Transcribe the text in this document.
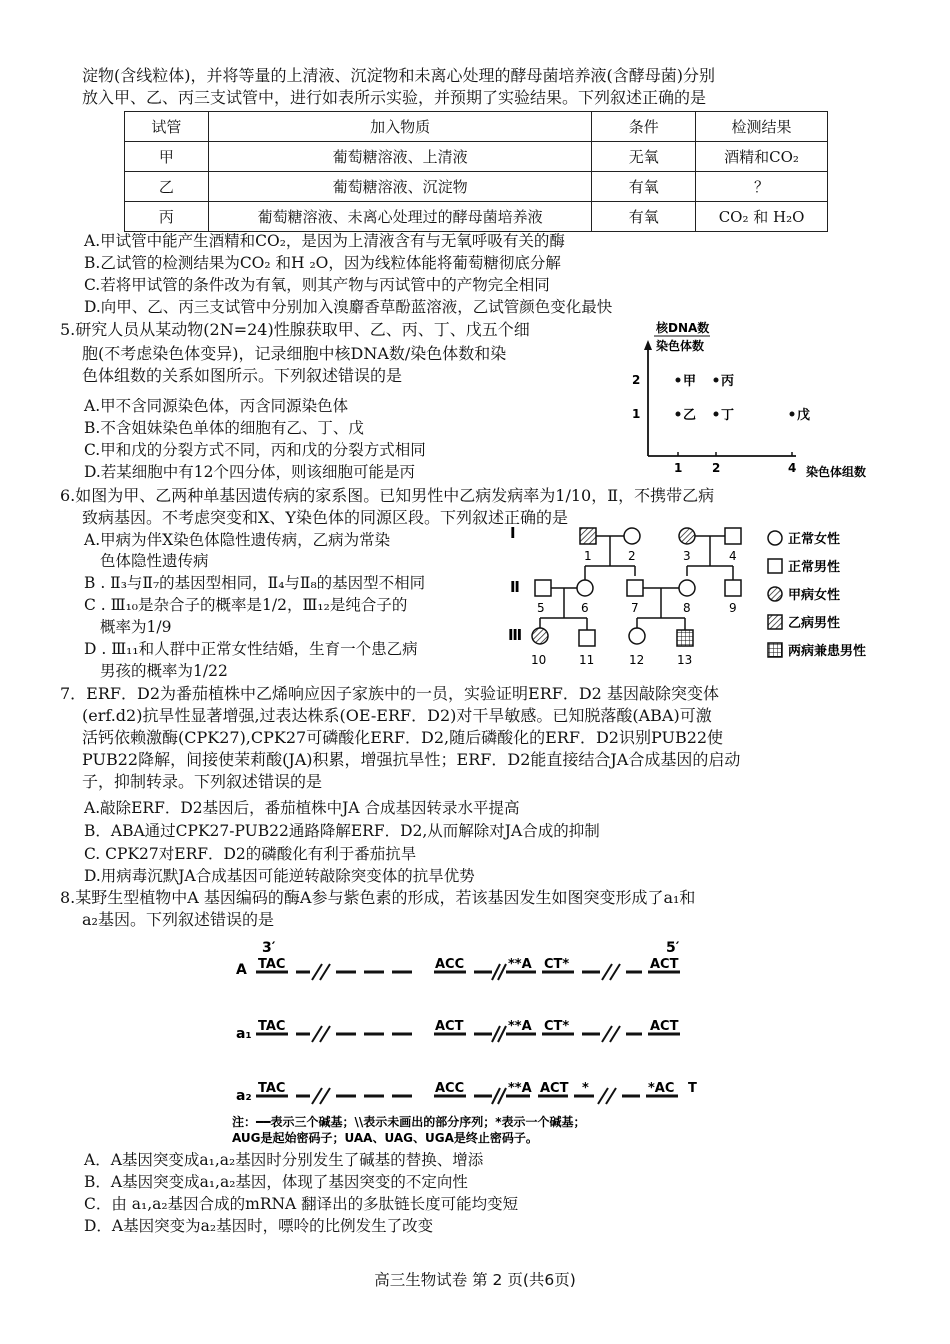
淀物(含线粒体)，并将等量的上清液、沉淀物和未离心处理的酵母菌培养液(含酵母菌)分别
放入甲、乙、丙三支试管中，进行如表所示实验，并预期了实验结果。下列叙述正确的是
试管	加入物质	条件	检测结果
甲	葡萄糖溶液、上清液	无氧	酒精和CO₂
乙	葡萄糖溶液、沉淀物	有氧	？
丙	葡萄糖溶液、未离心处理过的酵母菌培养液	有氧	CO₂ 和 H₂O
A.甲试管中能产生酒精和CO₂，是因为上清液含有与无氧呼吸有关的酶
B.乙试管的检测结果为CO₂ 和H ₂O，因为线粒体能将葡萄糖彻底分解
C.若将甲试管的条件改为有氧，则其产物与丙试管中的产物完全相同
D.向甲、乙、丙三支试管中分别加入溴麝香草酚蓝溶液，乙试管颜色变化最快
5.研究人员从某动物(2N=24)性腺获取甲、乙、丙、丁、戊五个细
胞(不考虑染色体变异)，记录细胞中核DNA数/染色体数和染
色体组数的关系如图所示。下列叙述错误的是
A.甲不含同源染色体，丙含同源染色体
B.不含姐妹染色单体的细胞有乙、丁、戊
C.甲和戊的分裂方式不同，丙和戊的分裂方式相同
D.若某细胞中有12个四分体，则该细胞可能是丙
核DNA数
染色体数
染色体组数
1 2	4
1
2	甲 丙
乙 丁	戊
6.如图为甲、乙两种单基因遗传病的家系图。已知男性中乙病发病率为1/10，Ⅱ，不携带乙病
致病基因。不考虑突变和X、Y染色体的同源区段。下列叙述正确的是
A.甲病为伴X染色体隐性遗传病，乙病为常染
色体隐性遗传病
B . Ⅱ₃与Ⅱ₇的基因型相同，Ⅱ₄与Ⅱ₈的基因型不相同
C . Ⅲ₁₀是杂合子的概率是1/2，Ⅲ₁₂是纯合子的
概率为1/9
D . Ⅲ₁₁和人群中正常女性结婚，生育一个患乙病
男孩的概率为1/22
Ⅰ
Ⅱ
Ⅲ
1	2	3	4
5	6	7	8	9
10	11	12	13
正常女性
正常男性
甲病女性
乙病男性
两病兼患男性
7．ERF．D2为番茄植株中乙烯响应因子家族中的一员，实验证明ERF．D2 基因敲除突变体
(erf.d2)抗旱性显著增强,过表达株系(OE-ERF．D2)对干旱敏感。已知脱落酸(ABA)可激
活钙依赖激酶(CPK27),CPK27可磷酸化ERF．D2,随后磷酸化的ERF．D2识别PUB22使
PUB22降解，间接使茉莉酸(JA)积累，增强抗旱性；ERF．D2能直接结合JA合成基因的启动
子，抑制转录。下列叙述错误的是
A.敲除ERF．D2基因后，番茄植株中JA 合成基因转录水平提高
B．ABA通过CPK27-PUB22通路降解ERF．D2,从而解除对JA合成的抑制
C. CPK27对ERF．D2的磷酸化有利于番茄抗旱
D.用病毒沉默JA合成基因可能逆转敲除突变体的抗旱优势
8.某野生型植物中A 基因编码的酶A参与紫色素的形成，若该基因发生如图突变形成了a₁和
a₂基因。下列叙述错误的是
3′	5′
A TAC	ACC	**A CT*	ACT
a₁ TAC	ACT	**A CT*	ACT
a₂ TAC	ACC	**A ACT *	*AC T
注：━━表示三个碱基；\\表示未画出的部分序列；*表示一个碱基；
AUG是起始密码子；UAA、UAG、UGA是终止密码子。
A．A基因突变成a₁,a₂基因时分别发生了碱基的替换、增添
B．A基因突变成a₁,a₂基因，体现了基因突变的不定向性
C．由 a₁,a₂基因合成的mRNA 翻译出的多肽链长度可能均变短
D．A基因突变为a₂基因时，嘌呤的比例发生了改变
高三生物试卷 第 2 页(共6页)
